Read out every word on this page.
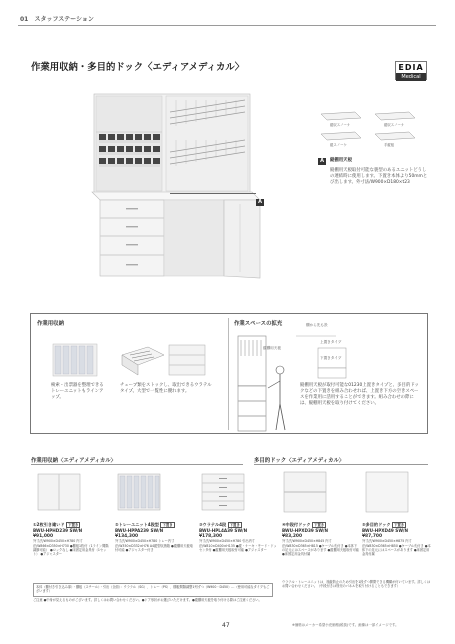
01 スタッフステーション
作業用収納・多目的ドック〈エディアメディカル〉	EDIA
Medical
A
縦収スノーケ	縦収スノーケ
縦スノーケ	手縦板
A	縦棚用天板
縦棚用天板取付可能な裏型のあるユニットどうしの連結時に使用します。下置き本体より50mmとび出します。外寸法/W900×D180×t23
作業用収納
検索・出票器を整理できるトレーユニットもラインアップ。
チューブ類をストックし、取出できるウラテルタイプ。大型で一覧性に優れます。
作業スペースの拡充	棚から先も設
縦棚用天板
上置きタイプ
下置きタイプ
縦棚用天板が取付可能な01230上置きタイプと、多目的ドックなどの下置きを組み合わせれば、上置き下方の空きスペースを作業用に活用することができます。組み合わせの際には、縦棚用天板を取り付けてください。
作業用収納〈エディアメディカル〉	多目的ドック〈エディアメディカル〉
①2枚引き違いド 下置き
BWU-HPHD239 SW/N
¥91,000
外寸法/W900×D450×H780 内寸法/W866×D350×H730 ●棚板1枚付（1ライン間隔調節可能） ●ロックなし ●床固定用金具付（1セット） ●アジャスター
②トレーユニット4段型 下置き
BWU-HPPA239 SW/N
¥134,300
外寸法/W900×D450×H780 トレー内寸法/W350×D332×H76 A4縦型収納箱 ●縦棚用天板取付可能 ●アジャスター付き
③ウラテル4段 下置き
BWU-HPL4A39 SW/N
¥178,300
外寸法/W900×D450×H780 引出内寸法/W810×D400×H135 ●縦・ケーキ・モード・ドッセンタ付 ●縦棚用天板取付可能 ●アジャスター
④中段付ドック 下置き
BWU-HPXD39 SW/N
¥83,200
外寸法/W900×D450×H845 内寸法/W830×D365×H815 ●ケーブル孔付き ●本体下の足元にはスペースがあります ●縦棚用天板取付可能 ●床固定用金具付属
⑤多目的ドック 下置き
BWU-HPXD49 SW/N
¥87,700
外寸法/W900×D450×H875 内寸法/W830×D365×H850 ●ケーブル孔付き ●本体下の足元にはスペースがあります ●床固定用金具付属
本体（棚付き引き込み扉）・棚板（スチール）・引出（全面）：ウラテル（SG）、トレー（PS）、棚板間隔調整1列ずつ（W900・D450）…（使用可能なタイプもございます）
ウラテル・トレーユニットは、施錠防止のため引出を1段ずつ開閉できる機構が付いています。詳しくはお問い合わせください。（中段付きは別売のパネルを取り付けることもできます）
ご注意 ●中身が見えるものがございます。詳しくはお問い合わせください。●ドア形状がお選びいただけます。●縦棚用天板を取り付ける際はご注意ください。
47	※価格はメーカー希望小売価格(税抜)です。画像は一部イメージです。
